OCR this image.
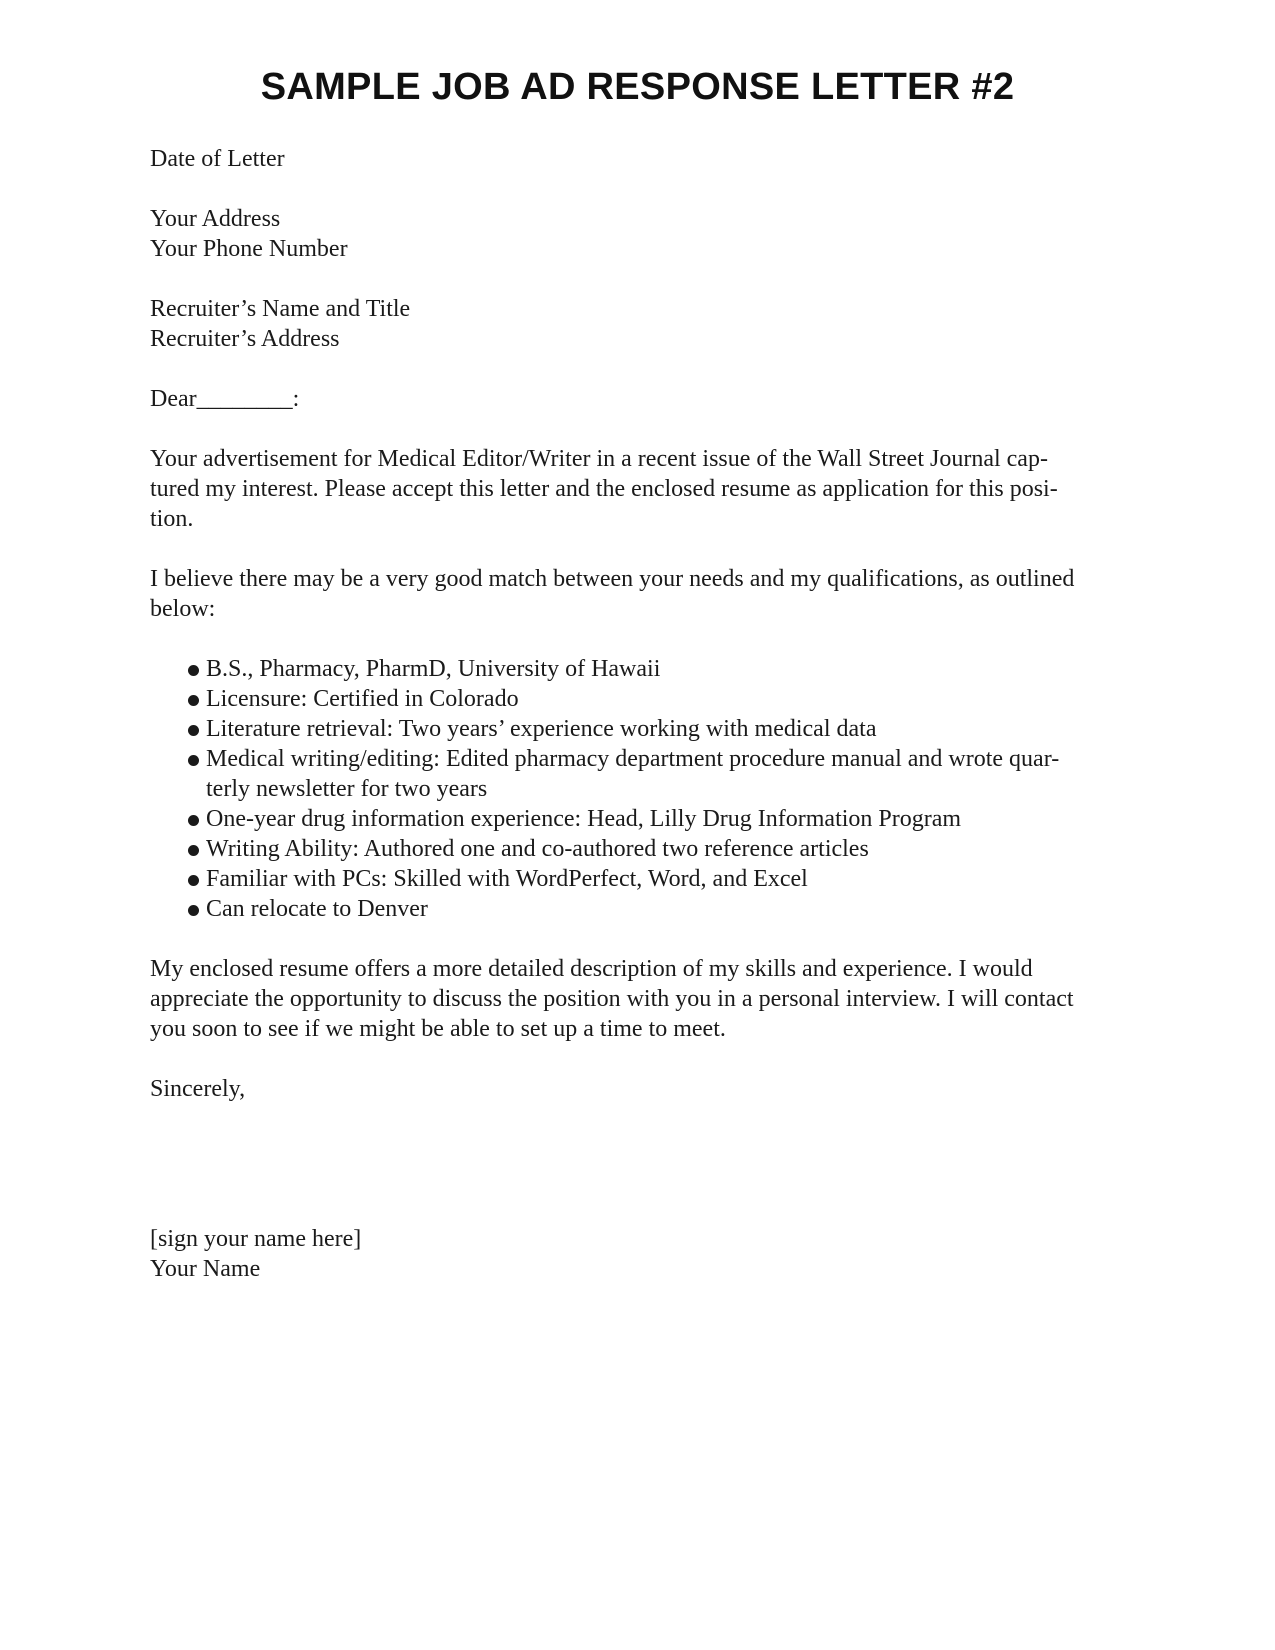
SAMPLE JOB AD RESPONSE LETTER #2
Date of Letter
Your Address
Your Phone Number
Recruiter’s Name and Title
Recruiter’s Address
Dear________:
Your advertisement for Medical Editor/Writer in a recent issue of the Wall Street Journal cap-
tured my interest. Please accept this letter and the enclosed resume as application for this posi-
tion.
I believe there may be a very good match between your needs and my qualifications, as outlined
below:
B.S., Pharmacy, PharmD, University of Hawaii
Licensure: Certified in Colorado
Literature retrieval: Two years’ experience working with medical data
Medical writing/editing: Edited pharmacy department procedure manual and wrote quar-
terly newsletter for two years
One-year drug information experience: Head, Lilly Drug Information Program
Writing Ability: Authored one and co-authored two reference articles
Familiar with PCs: Skilled with WordPerfect, Word, and Excel
Can relocate to Denver
My enclosed resume offers a more detailed description of my skills and experience. I would
appreciate the opportunity to discuss the position with you in a personal interview. I will contact
you soon to see if we might be able to set up a time to meet.
Sincerely,
[sign your name here]
Your Name
